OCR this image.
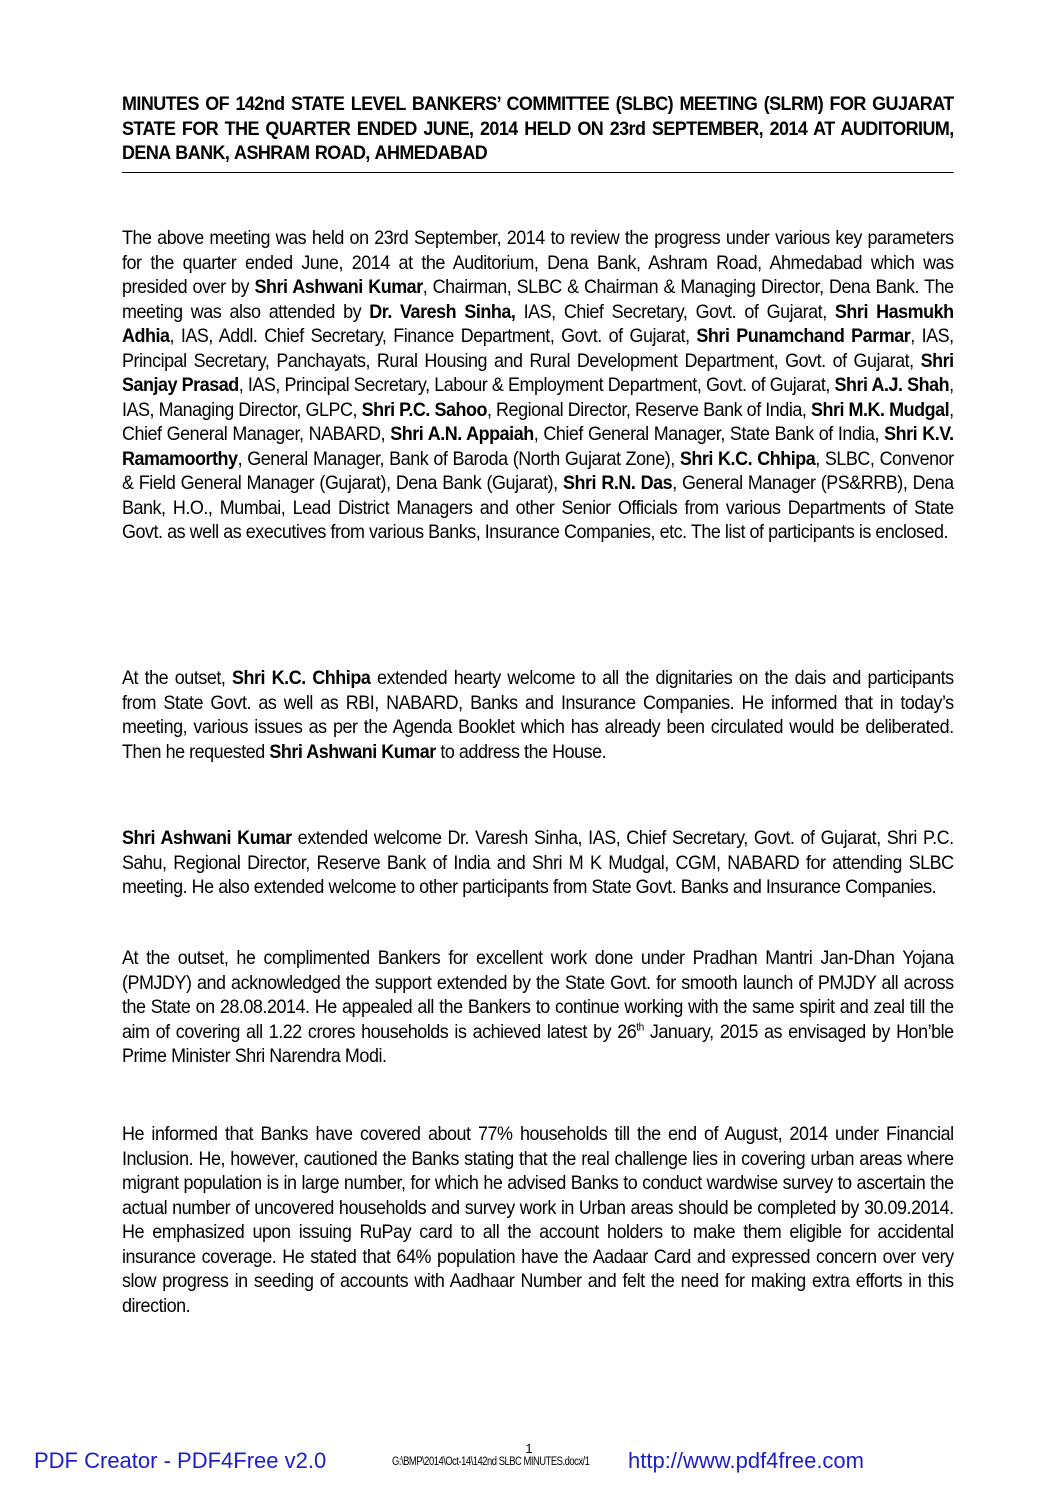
MINUTES OF 142nd STATE LEVEL BANKERS’ COMMITTEE (SLBC) MEETING (SLRM) FOR GUJARAT STATE FOR THE QUARTER ENDED JUNE, 2014 HELD ON 23rd SEPTEMBER, 2014 AT AUDITORIUM, DENA BANK, ASHRAM ROAD, AHMEDABAD

The above meeting was held on 23rd September, 2014 to review the progress under various key parameters for the quarter ended June, 2014 at the Auditorium, Dena Bank, Ashram Road, Ahmedabad which was presided over by Shri Ashwani Kumar, Chairman, SLBC & Chairman & Managing Director, Dena Bank. The meeting was also attended by Dr. Varesh Sinha, IAS, Chief Secretary, Govt. of Gujarat, Shri Hasmukh Adhia, IAS, Addl. Chief Secretary, Finance Department, Govt. of Gujarat, Shri Punamchand Parmar, IAS, Principal Secretary, Panchayats, Rural Housing and Rural Development Department, Govt. of Gujarat, Shri Sanjay Prasad, IAS, Principal Secretary, Labour & Employment Department, Govt. of Gujarat, Shri A.J. Shah, IAS, Managing Director, GLPC, Shri P.C. Sahoo, Regional Director, Reserve Bank of India, Shri M.K. Mudgal, Chief General Manager, NABARD, Shri A.N. Appaiah, Chief General Manager, State Bank of India, Shri K.V. Ramamoorthy, General Manager, Bank of Baroda (North Gujarat Zone), Shri K.C. Chhipa, SLBC, Convenor & Field General Manager (Gujarat), Dena Bank (Gujarat), Shri R.N. Das, General Manager (PS&RRB), Dena Bank, H.O., Mumbai, Lead District Managers and other Senior Officials from various Departments of State Govt. as well as executives from various Banks, Insurance Companies, etc. The list of participants is enclosed.

At the outset, Shri K.C. Chhipa extended hearty welcome to all the dignitaries on the dais and participants from State Govt. as well as RBI, NABARD, Banks and Insurance Companies. He informed that in today’s meeting, various issues as per the Agenda Booklet which has already been circulated would be deliberated. Then he requested Shri Ashwani Kumar to address the House.

Shri Ashwani Kumar extended welcome Dr. Varesh Sinha, IAS, Chief Secretary, Govt. of Gujarat, Shri P.C. Sahu, Regional Director, Reserve Bank of India and Shri M K Mudgal, CGM, NABARD for attending SLBC meeting. He also extended welcome to other participants from State Govt. Banks and Insurance Companies.

At the outset, he complimented Bankers for excellent work done under Pradhan Mantri Jan-Dhan Yojana (PMJDY) and acknowledged the support extended by the State Govt. for smooth launch of PMJDY all across the State on 28.08.2014. He appealed all the Bankers to continue working with the same spirit and zeal till the aim of covering all 1.22 crores households is achieved latest by 26th January, 2015 as envisaged by Hon’ble Prime Minister Shri Narendra Modi.

He informed that Banks have covered about 77% households till the end of August, 2014 under Financial Inclusion. He, however, cautioned the Banks stating that the real challenge lies in covering urban areas where migrant population is in large number, for which he advised Banks to conduct wardwise survey to ascertain the actual number of uncovered households and survey work in Urban areas should be completed by 30.09.2014. He emphasized upon issuing RuPay card to all the account holders to make them eligible for accidental insurance coverage. He stated that 64% population have the Aadaar Card and expressed concern over very slow progress in seeding of accounts with Aadhaar Number and felt the need for making extra efforts in this direction.

1
G:\BMP\2014\Oct-14\142nd SLBC MINUTES.docx/1
PDF Creator - PDF4Free v2.0	http://www.pdf4free.com
